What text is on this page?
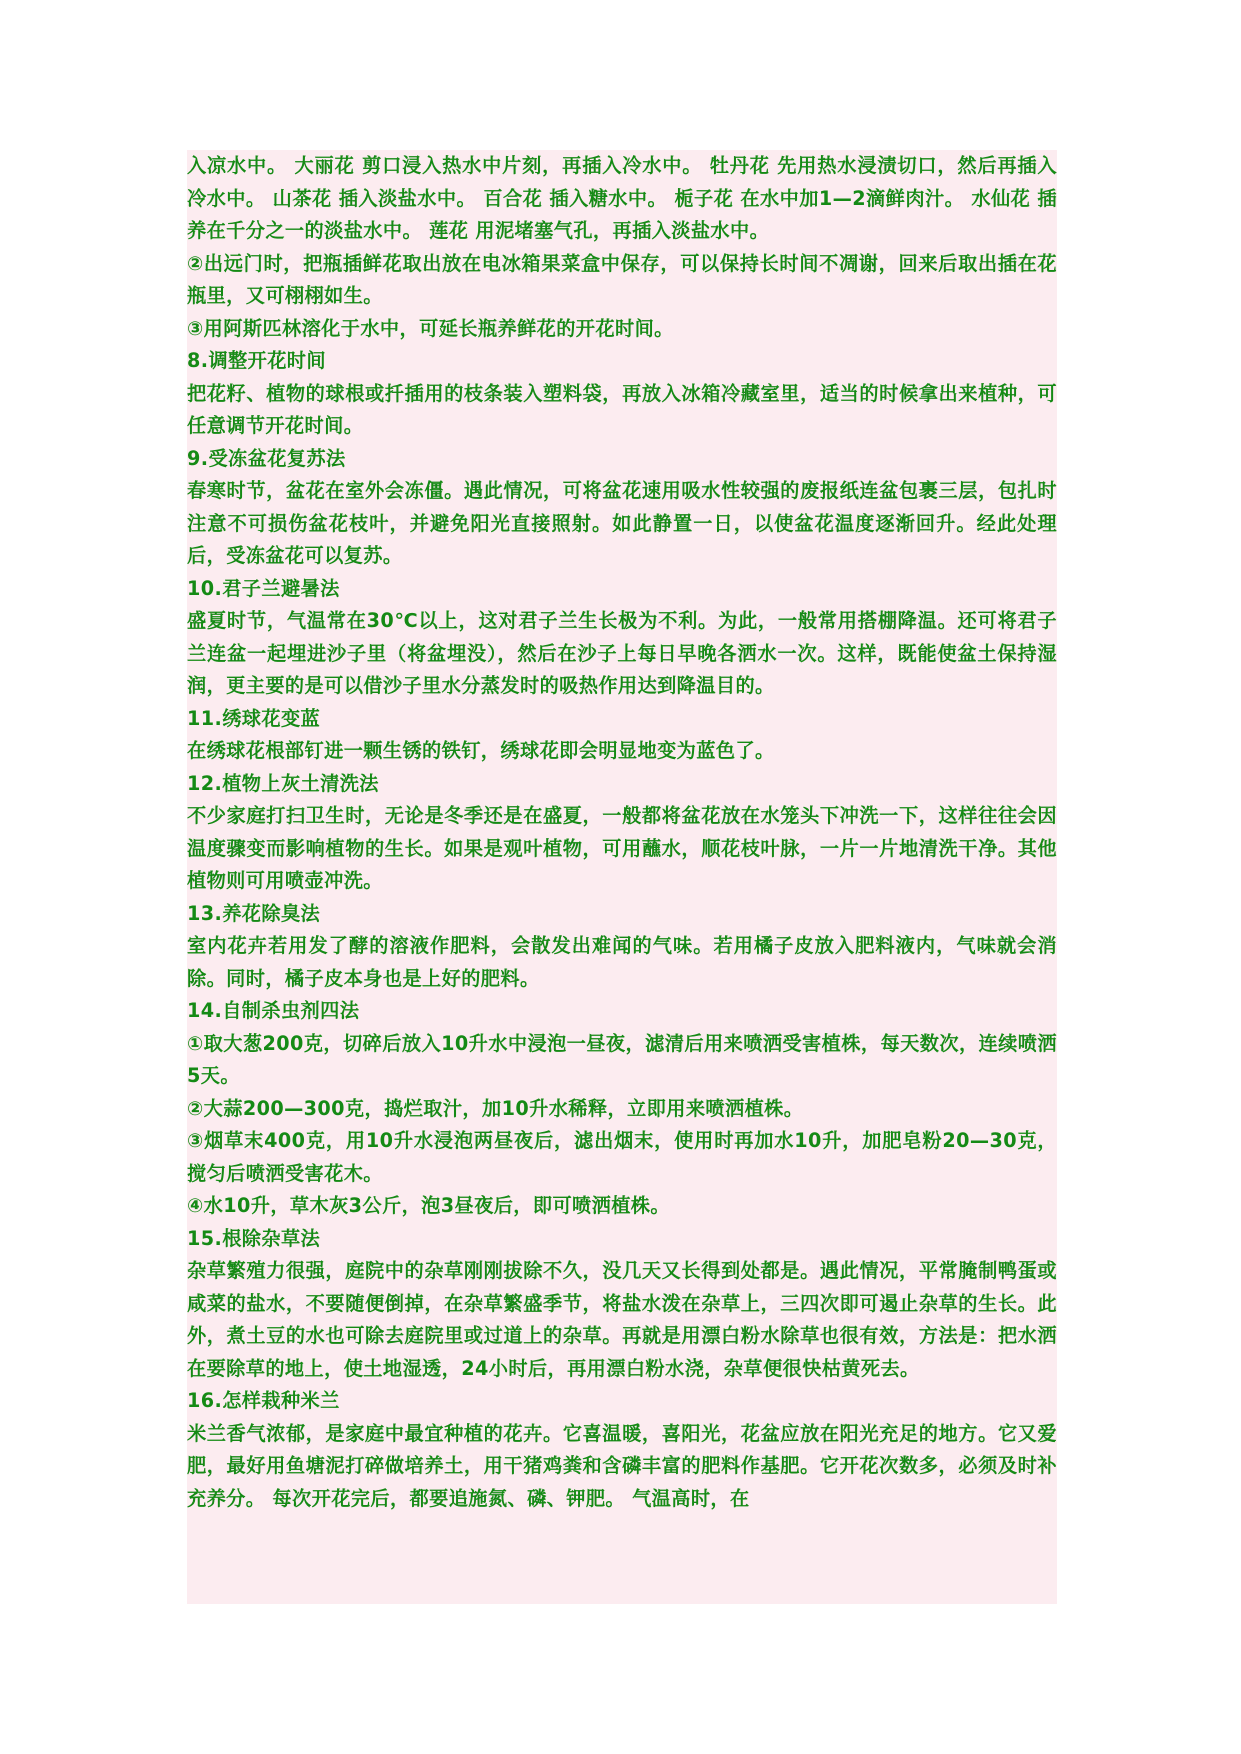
入凉水中。 大丽花 剪口浸入热水中片刻，再插入冷水中。 牡丹花 先用热水浸渍切口，然后再插入冷水中。 山茶花 插入淡盐水中。 百合花 插入糖水中。 栀子花 在水中加1—2滴鲜肉汁。 水仙花 插养在千分之一的淡盐水中。 莲花 用泥堵塞气孔，再插入淡盐水中。

②出远门时，把瓶插鲜花取出放在电冰箱果菜盒中保存，可以保持长时间不凋谢，回来后取出插在花瓶里，又可栩栩如生。

③用阿斯匹林溶化于水中，可延长瓶养鲜花的开花时间。

8.调整开花时间

把花籽、植物的球根或扦插用的枝条装入塑料袋，再放入冰箱冷藏室里，适当的时候拿出来植种，可任意调节开花时间。

9.受冻盆花复苏法

春寒时节，盆花在室外会冻僵。遇此情况，可将盆花速用吸水性较强的废报纸连盆包裹三层，包扎时注意不可损伤盆花枝叶，并避免阳光直接照射。如此静置一日，以使盆花温度逐渐回升。经此处理后，受冻盆花可以复苏。

10.君子兰避暑法

盛夏时节，气温常在30℃以上，这对君子兰生长极为不利。为此，一般常用搭棚降温。还可将君子兰连盆一起埋进沙子里（将盆埋没），然后在沙子上每日早晚各洒水一次。这样，既能使盆土保持湿润，更主要的是可以借沙子里水分蒸发时的吸热作用达到降温目的。

11.绣球花变蓝

在绣球花根部钉进一颗生锈的铁钉，绣球花即会明显地变为蓝色了。

12.植物上灰土清洗法

不少家庭打扫卫生时，无论是冬季还是在盛夏，一般都将盆花放在水笼头下冲洗一下，这样往往会因温度骤变而影响植物的生长。如果是观叶植物，可用蘸水，顺花枝叶脉，一片一片地清洗干净。其他植物则可用喷壶冲洗。

13.养花除臭法

室内花卉若用发了酵的溶液作肥料，会散发出难闻的气味。若用橘子皮放入肥料液内，气味就会消除。同时，橘子皮本身也是上好的肥料。

14.自制杀虫剂四法

①取大葱200克，切碎后放入10升水中浸泡一昼夜，滤清后用来喷洒受害植株，每天数次，连续喷洒5天。

②大蒜200—300克，捣烂取汁，加10升水稀释，立即用来喷洒植株。

③烟草末400克，用10升水浸泡两昼夜后，滤出烟末，使用时再加水10升，加肥皂粉20—30克，搅匀后喷洒受害花木。

④水10升，草木灰3公斤，泡3昼夜后，即可喷洒植株。

15.根除杂草法

杂草繁殖力很强，庭院中的杂草刚刚拔除不久，没几天又长得到处都是。遇此情况，平常腌制鸭蛋或咸菜的盐水，不要随便倒掉，在杂草繁盛季节，将盐水泼在杂草上，三四次即可遏止杂草的生长。此外，煮土豆的水也可除去庭院里或过道上的杂草。再就是用漂白粉水除草也很有效，方法是：把水洒在要除草的地上，使土地湿透，24小时后，再用漂白粉水浇，杂草便很快枯黄死去。

16.怎样栽种米兰

米兰香气浓郁，是家庭中最宜种植的花卉。它喜温暖，喜阳光，花盆应放在阳光充足的地方。它又爱肥，最好用鱼塘泥打碎做培养土，用干猪鸡粪和含磷丰富的肥料作基肥。它开花次数多，必须及时补充养分。 每次开花完后，都要追施氮、磷、钾肥。 气温高时，在
